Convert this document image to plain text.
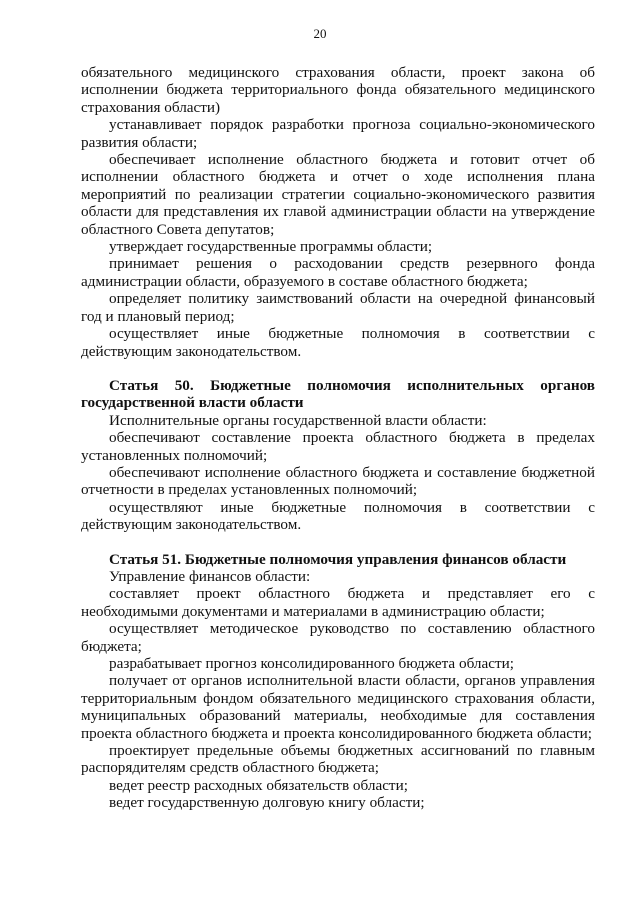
20

обязательного медицинского страхования области, проект закона об исполнении бюджета территориального фонда обязательного медицинского страхования области)

устанавливает порядок разработки прогноза социально-экономического развития области;

обеспечивает исполнение областного бюджета и готовит отчет об исполнении областного бюджета и отчет о ходе исполнения плана мероприятий по реализации стратегии социально-экономического развития области для представления их главой администрации области на утверждение областного Совета депутатов;

утверждает государственные программы области;

принимает решения о расходовании средств резервного фонда администрации области, образуемого в составе областного бюджета;

определяет политику заимствований области на очередной финансовый год и плановый период;

осуществляет иные бюджетные полномочия в соответствии с действующим законодательством.

Статья 50. Бюджетные полномочия исполнительных органов государственной власти области

Исполнительные органы государственной власти области:

обеспечивают составление проекта областного бюджета в пределах установленных полномочий;

обеспечивают исполнение областного бюджета и составление бюджетной отчетности в пределах установленных полномочий;

осуществляют иные бюджетные полномочия в соответствии с действующим законодательством.

Статья 51. Бюджетные полномочия управления финансов области

Управление финансов области:

составляет проект областного бюджета и представляет его с необходимыми документами и материалами в администрацию области;

осуществляет методическое руководство по составлению областного бюджета;

разрабатывает прогноз консолидированного бюджета области;

получает от органов исполнительной власти области, органов управления территориальным фондом обязательного медицинского страхования области, муниципальных образований материалы, необходимые для составления проекта областного бюджета и проекта консолидированного бюджета области;

проектирует предельные объемы бюджетных ассигнований по главным распорядителям средств областного бюджета;

ведет реестр расходных обязательств области;

ведет государственную долговую книгу области;
